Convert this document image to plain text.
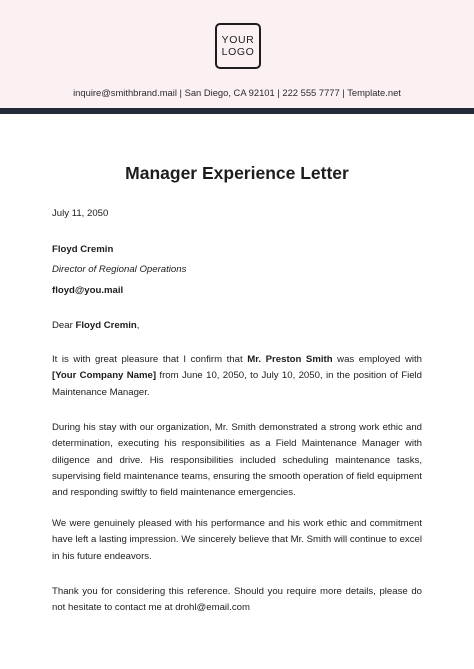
YOUR
LOGO
inquire@smithbrand.mail | San Diego, CA 92101 | 222 555 7777 | Template.net
Manager Experience Letter
July 11, 2050
Floyd Cremin
Director of Regional Operations
floyd@you.mail
Dear Floyd Cremin,
It is with great pleasure that I confirm that Mr. Preston Smith was employed with [Your Company Name] from June 10, 2050, to July 10, 2050, in the position of Field Maintenance Manager.
During his stay with our organization, Mr. Smith demonstrated a strong work ethic and determination, executing his responsibilities as a Field Maintenance Manager with diligence and drive. His responsibilities included scheduling maintenance tasks, supervising field maintenance teams, ensuring the smooth operation of field equipment and responding swiftly to field maintenance emergencies.
We were genuinely pleased with his performance and his work ethic and commitment have left a lasting impression. We sincerely believe that Mr. Smith will continue to excel in his future endeavors.
Thank you for considering this reference. Should you require more details, please do not hesitate to contact me at drohl@email.com
